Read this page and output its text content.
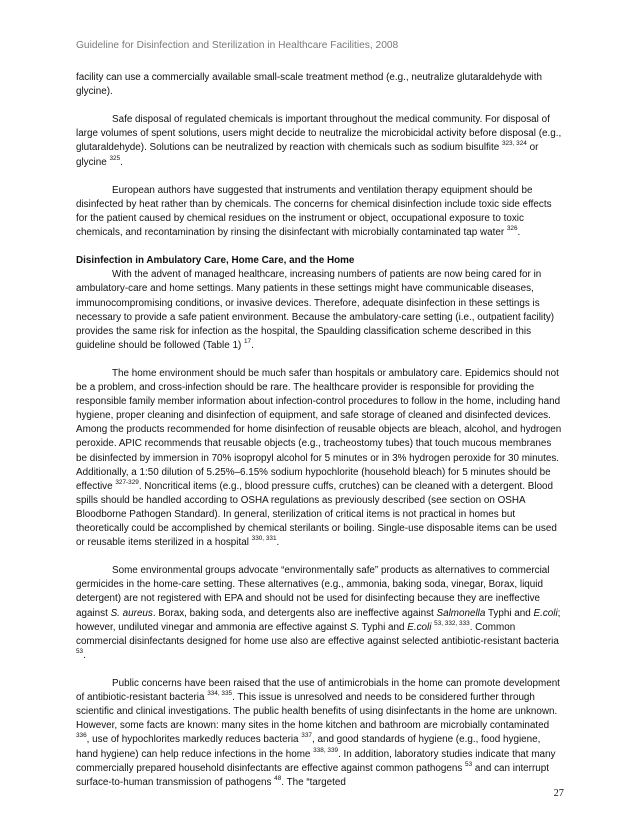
Guideline for Disinfection and Sterilization in Healthcare Facilities, 2008

facility can use a commercially available small-scale treatment method (e.g., neutralize glutaraldehyde with glycine).

Safe disposal of regulated chemicals is important throughout the medical community. For disposal of large volumes of spent solutions, users might decide to neutralize the microbicidal activity before disposal (e.g., glutaraldehyde). Solutions can be neutralized by reaction with chemicals such as sodium bisulfite $^{323, 324}$ or glycine $^{325}$.

European authors have suggested that instruments and ventilation therapy equipment should be disinfected by heat rather than by chemicals. The concerns for chemical disinfection include toxic side effects for the patient caused by chemical residues on the instrument or object, occupational exposure to toxic chemicals, and recontamination by rinsing the disinfectant with microbially contaminated tap water $^{326}$.

Disinfection in Ambulatory Care, Home Care, and the Home

With the advent of managed healthcare, increasing numbers of patients are now being cared for in ambulatory-care and home settings. Many patients in these settings might have communicable diseases, immunocompromising conditions, or invasive devices. Therefore, adequate disinfection in these settings is necessary to provide a safe patient environment. Because the ambulatory-care setting (i.e., outpatient facility) provides the same risk for infection as the hospital, the Spaulding classification scheme described in this guideline should be followed (Table 1) $^{17}$.

The home environment should be much safer than hospitals or ambulatory care. Epidemics should not be a problem, and cross-infection should be rare. The healthcare provider is responsible for providing the responsible family member information about infection-control procedures to follow in the home, including hand hygiene, proper cleaning and disinfection of equipment, and safe storage of cleaned and disinfected devices. Among the products recommended for home disinfection of reusable objects are bleach, alcohol, and hydrogen peroxide. APIC recommends that reusable objects (e.g., tracheostomy tubes) that touch mucous membranes be disinfected by immersion in 70% isopropyl alcohol for 5 minutes or in 3% hydrogen peroxide for 30 minutes. Additionally, a 1:50 dilution of 5.25%–6.15% sodium hypochlorite (household bleach) for 5 minutes should be effective $^{327-329}$. Noncritical items (e.g., blood pressure cuffs, crutches) can be cleaned with a detergent. Blood spills should be handled according to OSHA regulations as previously described (see section on OSHA Bloodborne Pathogen Standard). In general, sterilization of critical items is not practical in homes but theoretically could be accomplished by chemical sterilants or boiling. Single-use disposable items can be used or reusable items sterilized in a hospital $^{330, 331}$.

Some environmental groups advocate “environmentally safe” products as alternatives to commercial germicides in the home-care setting. These alternatives (e.g., ammonia, baking soda, vinegar, Borax, liquid detergent) are not registered with EPA and should not be used for disinfecting because they are ineffective against S. aureus. Borax, baking soda, and detergents also are ineffective against Salmonella Typhi and E.coli; however, undiluted vinegar and ammonia are effective against S. Typhi and E.coli $^{53, 332, 333}$. Common commercial disinfectants designed for home use also are effective against selected antibiotic-resistant bacteria $^{53}$.

Public concerns have been raised that the use of antimicrobials in the home can promote development of antibiotic-resistant bacteria $^{334, 335}$. This issue is unresolved and needs to be considered further through scientific and clinical investigations. The public health benefits of using disinfectants in the home are unknown. However, some facts are known: many sites in the home kitchen and bathroom are microbially contaminated $^{336}$, use of hypochlorites markedly reduces bacteria $^{337}$, and good standards of hygiene (e.g., food hygiene, hand hygiene) can help reduce infections in the home $^{338, 339}$. In addition, laboratory studies indicate that many commercially prepared household disinfectants are effective against common pathogens $^{53}$ and can interrupt surface-to-human transmission of pathogens $^{48}$. The “targeted

27
